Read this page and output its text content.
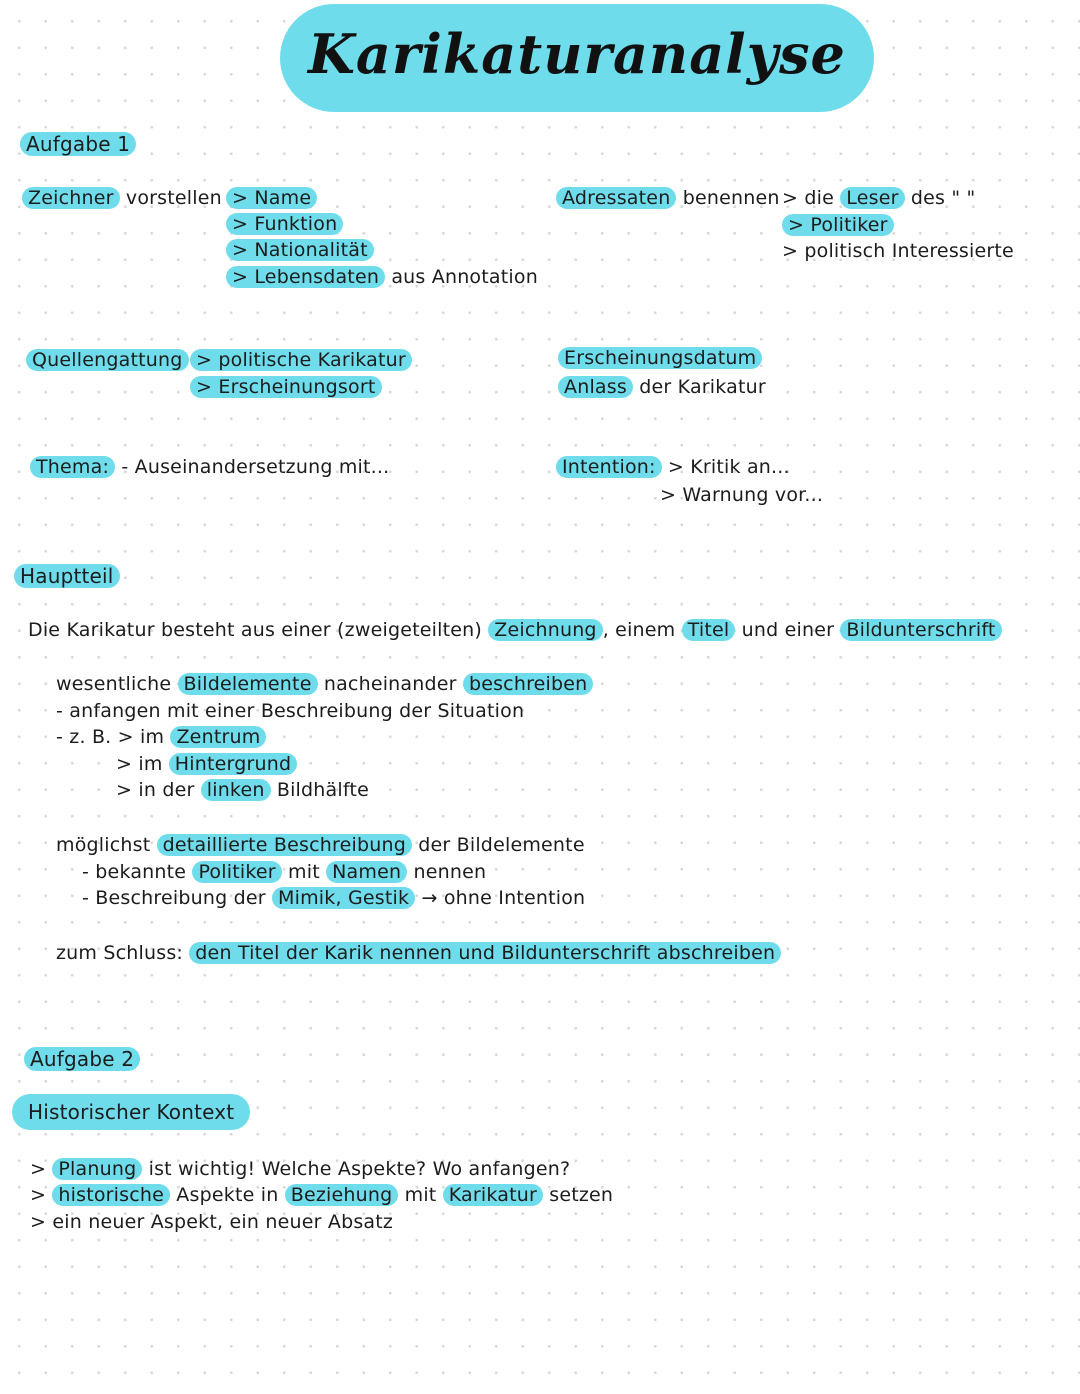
Karikaturanalyse
Aufgabe 1
Zeichner vorstellen > Name
> Funktion
> Nationalität
> Lebensdaten aus Annotation
Adressaten benennen > die Leser des " "
> Politiker
> politisch Interessierte
Quellengattung > politische Karikatur
> Erscheinungsort
Erscheinungsdatum
Anlass der Karikatur
Thema: - Auseinandersetzung mit...	Intention: > Kritik an...
> Warnung vor...
Hauptteil
Die Karikatur besteht aus einer (zweigeteilten) Zeichnung , einem Titel und einer Bildunterschrift
wesentliche Bildelemente nacheinander beschreiben
- anfangen mit einer Beschreibung der Situation
- z. B. > im Zentrum
> im Hintergrund
> in der linken Bildhälfte
möglichst detaillierte Beschreibung der Bildelemente
- bekannte Politiker mit Namen nennen
- Beschreibung der Mimik, Gestik → ohne Intention
zum Schluss: den Titel der Karik nennen und Bildunterschrift abschreiben
Aufgabe 2
Historischer Kontext
> Planung ist wichtig! Welche Aspekte? Wo anfangen?
> historische Aspekte in Beziehung mit Karikatur setzen
> ein neuer Aspekt, ein neuer Absatz
